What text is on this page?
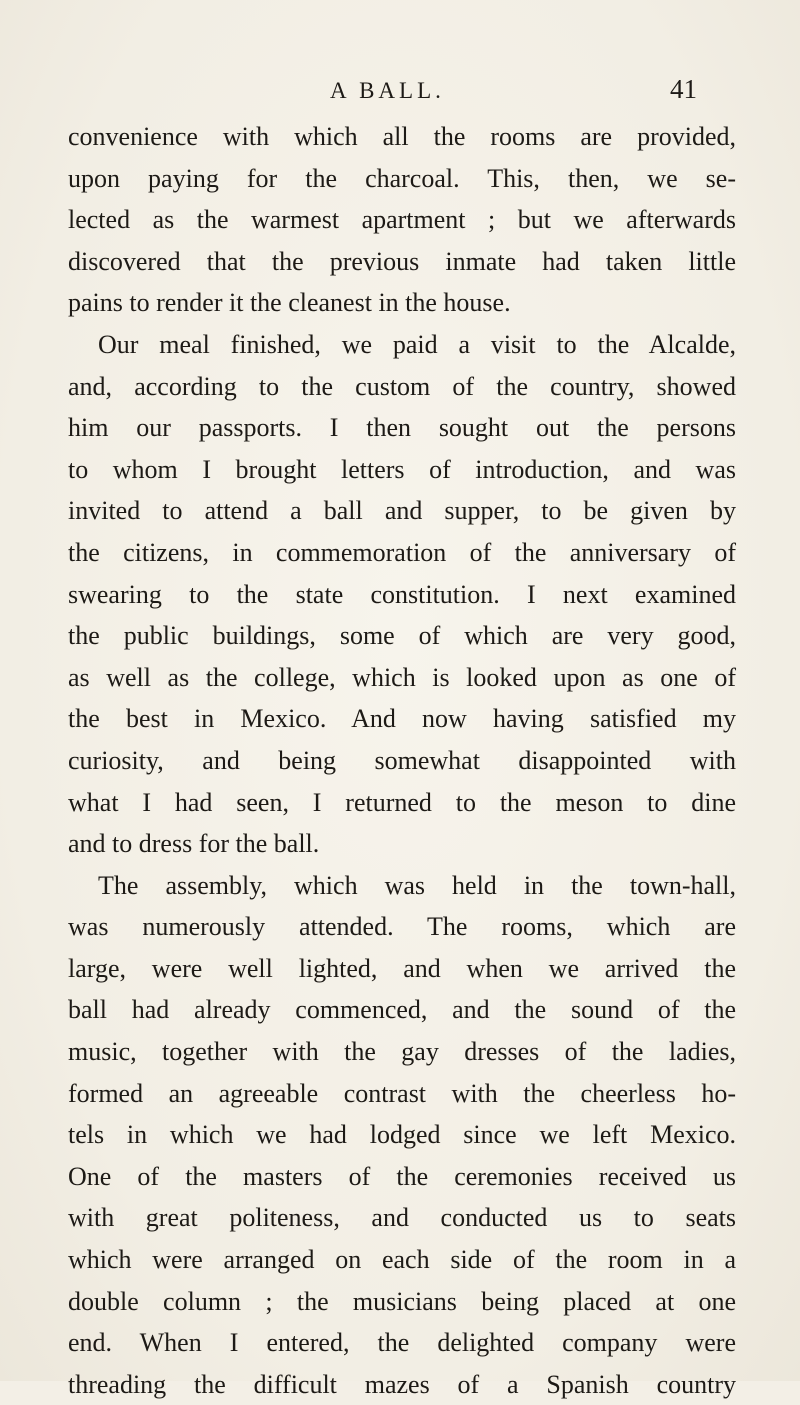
A BALL.	41
convenience with which all the rooms are provided,
upon paying for the charcoal. This, then, we se-
lected as the warmest apartment ; but we afterwards
discovered that the previous inmate had taken little
pains to render it the cleanest in the house.
Our meal finished, we paid a visit to the Alcalde,
and, according to the custom of the country, showed
him our passports. I then sought out the persons
to whom I brought letters of introduction, and was
invited to attend a ball and supper, to be given by
the citizens, in commemoration of the anniversary of
swearing to the state constitution. I next examined
the public buildings, some of which are very good,
as well as the college, which is looked upon as one of
the best in Mexico. And now having satisfied my
curiosity, and being somewhat disappointed with
what I had seen, I returned to the meson to dine
and to dress for the ball.
The assembly, which was held in the town-hall,
was numerously attended. The rooms, which are
large, were well lighted, and when we arrived the
ball had already commenced, and the sound of the
music, together with the gay dresses of the ladies,
formed an agreeable contrast with the cheerless ho-
tels in which we had lodged since we left Mexico.
One of the masters of the ceremonies received us
with great politeness, and conducted us to seats
which were arranged on each side of the room in a
double column ; the musicians being placed at one
end. When I entered, the delighted company were
threading the difficult mazes of a Spanish country
